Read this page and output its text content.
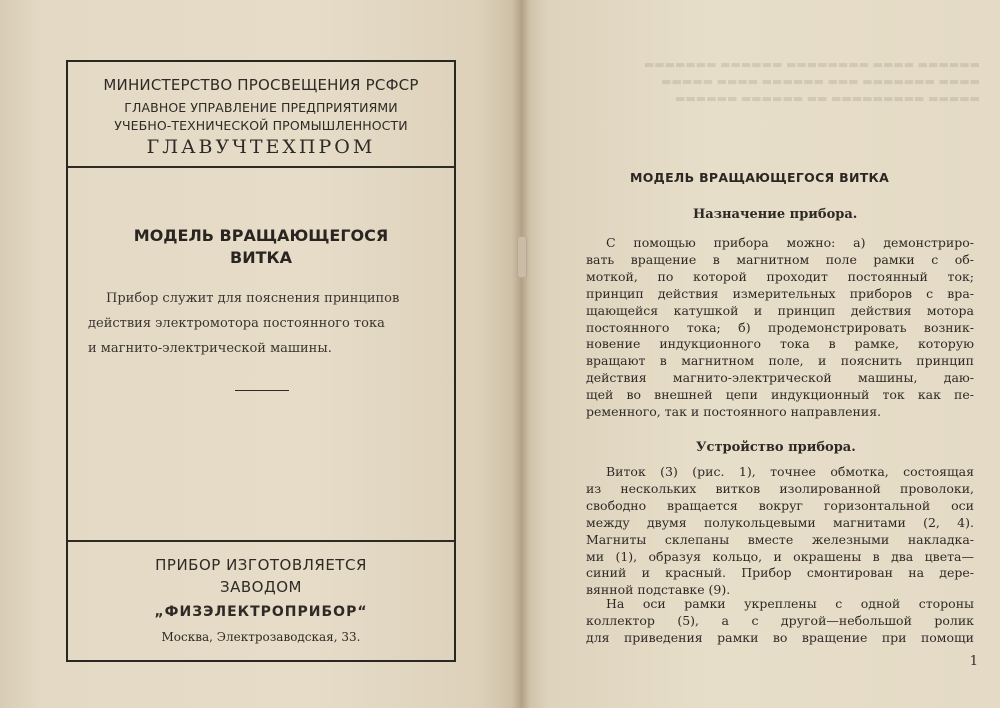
МИНИСТЕРСТВО ПРОСВЕЩЕНИЯ РСФСР
ГЛАВНОЕ УПРАВЛЕНИЕ ПРЕДПРИЯТИЯМИ
УЧЕБНО-ТЕХНИЧЕСКОЙ ПРОМЫШЛЕННОСТИ
ГЛАВУЧТЕХПРОМ
МОДЕЛЬ ВРАЩАЮЩЕГОСЯ
ВИТКА
Прибор служит для пояснения принципов
действия электромотора постоянного тока
и магнито-электрической машины.
ПРИБОР ИЗГОТОВЛЯЕТСЯ
ЗАВОДОМ
„ФИЗЭЛЕКТРОПРИБОР“
Москва, Электрозаводская, 33.
▬▬▬▬▬▬ ▬▬▬▬ ▬▬▬▬▬▬▬▬ ▬▬▬▬▬▬ ▬▬▬▬▬▬▬
▬▬▬▬ ▬▬▬▬▬▬▬ ▬▬▬ ▬▬▬▬▬▬ ▬▬▬▬ ▬▬▬▬▬
▬▬▬▬▬ ▬▬▬▬▬▬▬▬▬ ▬▬ ▬▬▬▬▬▬ ▬▬▬▬▬▬
МОДЕЛЬ ВРАЩАЮЩЕГОСЯ ВИТКА
Назначение прибора.
С помощью прибора можно: а) демонстриро-
вать вращение в магнитном поле рамки с об-
моткой, по которой проходит постоянный ток;
принцип действия измерительных приборов с вра-
щающейся катушкой и принцип действия мотора
постоянного тока; б) продемонстрировать возник-
новение индукционного тока в рамке, которую
вращают в магнитном поле, и пояснить принцип
действия магнито-электрической машины, даю-
щей во внешней цепи индукционный ток как пе-
ременного, так и постоянного направления.
Устройство прибора.
Виток (3) (рис. 1), точнее обмотка, состоящая
из нескольких витков изолированной проволоки,
свободно вращается вокруг горизонтальной оси
между двумя полукольцевыми магнитами (2, 4).
Магниты склепаны вместе железными накладка-
ми (1), образуя кольцо, и окрашены в два цвета—
синий и красный. Прибор смонтирован на дере-
вянной подставке (9).
На оси рамки укреплены с одной стороны
коллектор (5), а с другой—небольшой ролик
для приведения рамки во вращение при помощи
1
